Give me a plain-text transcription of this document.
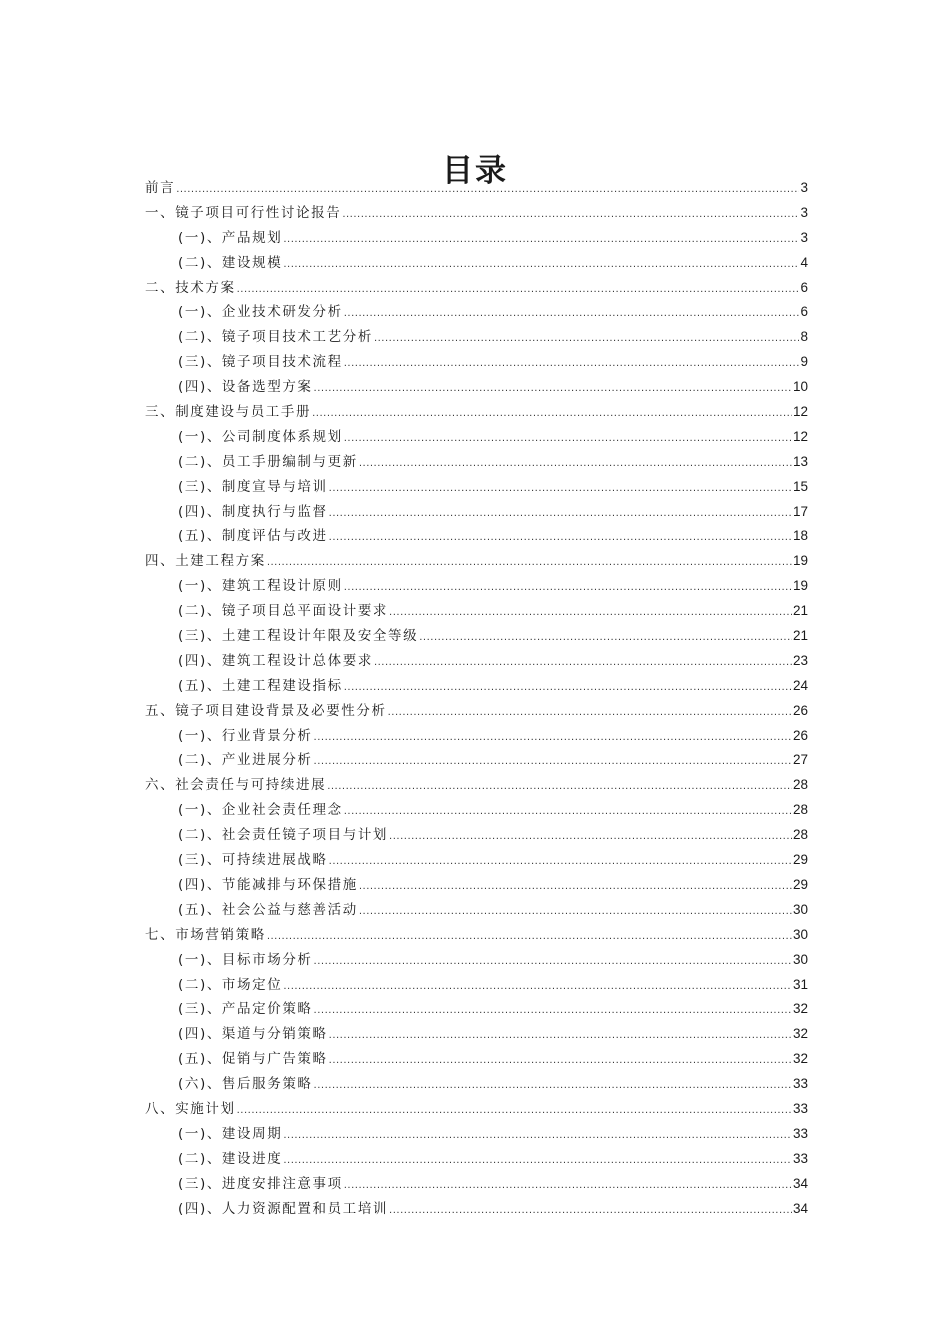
目录
前言 .....	3
一、镜子项目可行性讨论报告 .....	3
(一)、产品规划 .....	3
(二)、建设规模 .....	4
二、技术方案 .....	6
(一)、企业技术研发分析 .....	6
(二)、镜子项目技术工艺分析 .....	8
(三)、镜子项目技术流程 .....	9
(四)、设备选型方案 .....	10
三、制度建设与员工手册 .....	12
(一)、公司制度体系规划 .....	12
(二)、员工手册编制与更新 .....	13
(三)、制度宣导与培训 .....	15
(四)、制度执行与监督 .....	17
(五)、制度评估与改进 .....	18
四、土建工程方案 .....	19
(一)、建筑工程设计原则 .....	19
(二)、镜子项目总平面设计要求 .....	21
(三)、土建工程设计年限及安全等级 .....	21
(四)、建筑工程设计总体要求 .....	23
(五)、土建工程建设指标 .....	24
五、镜子项目建设背景及必要性分析 .....	26
(一)、行业背景分析 .....	26
(二)、产业进展分析 .....	27
六、社会责任与可持续进展 .....	28
(一)、企业社会责任理念 .....	28
(二)、社会责任镜子项目与计划 .....	28
(三)、可持续进展战略 .....	29
(四)、节能减排与环保措施 .....	29
(五)、社会公益与慈善活动 .....	30
七、市场营销策略 .....	30
(一)、目标市场分析 .....	30
(二)、市场定位 .....	31
(三)、产品定价策略 .....	32
(四)、渠道与分销策略 .....	32
(五)、促销与广告策略 .....	32
(六)、售后服务策略 .....	33
八、实施计划 .....	33
(一)、建设周期 .....	33
(二)、建设进度 .....	33
(三)、进度安排注意事项 .....	34
(四)、人力资源配置和员工培训 .....	34
